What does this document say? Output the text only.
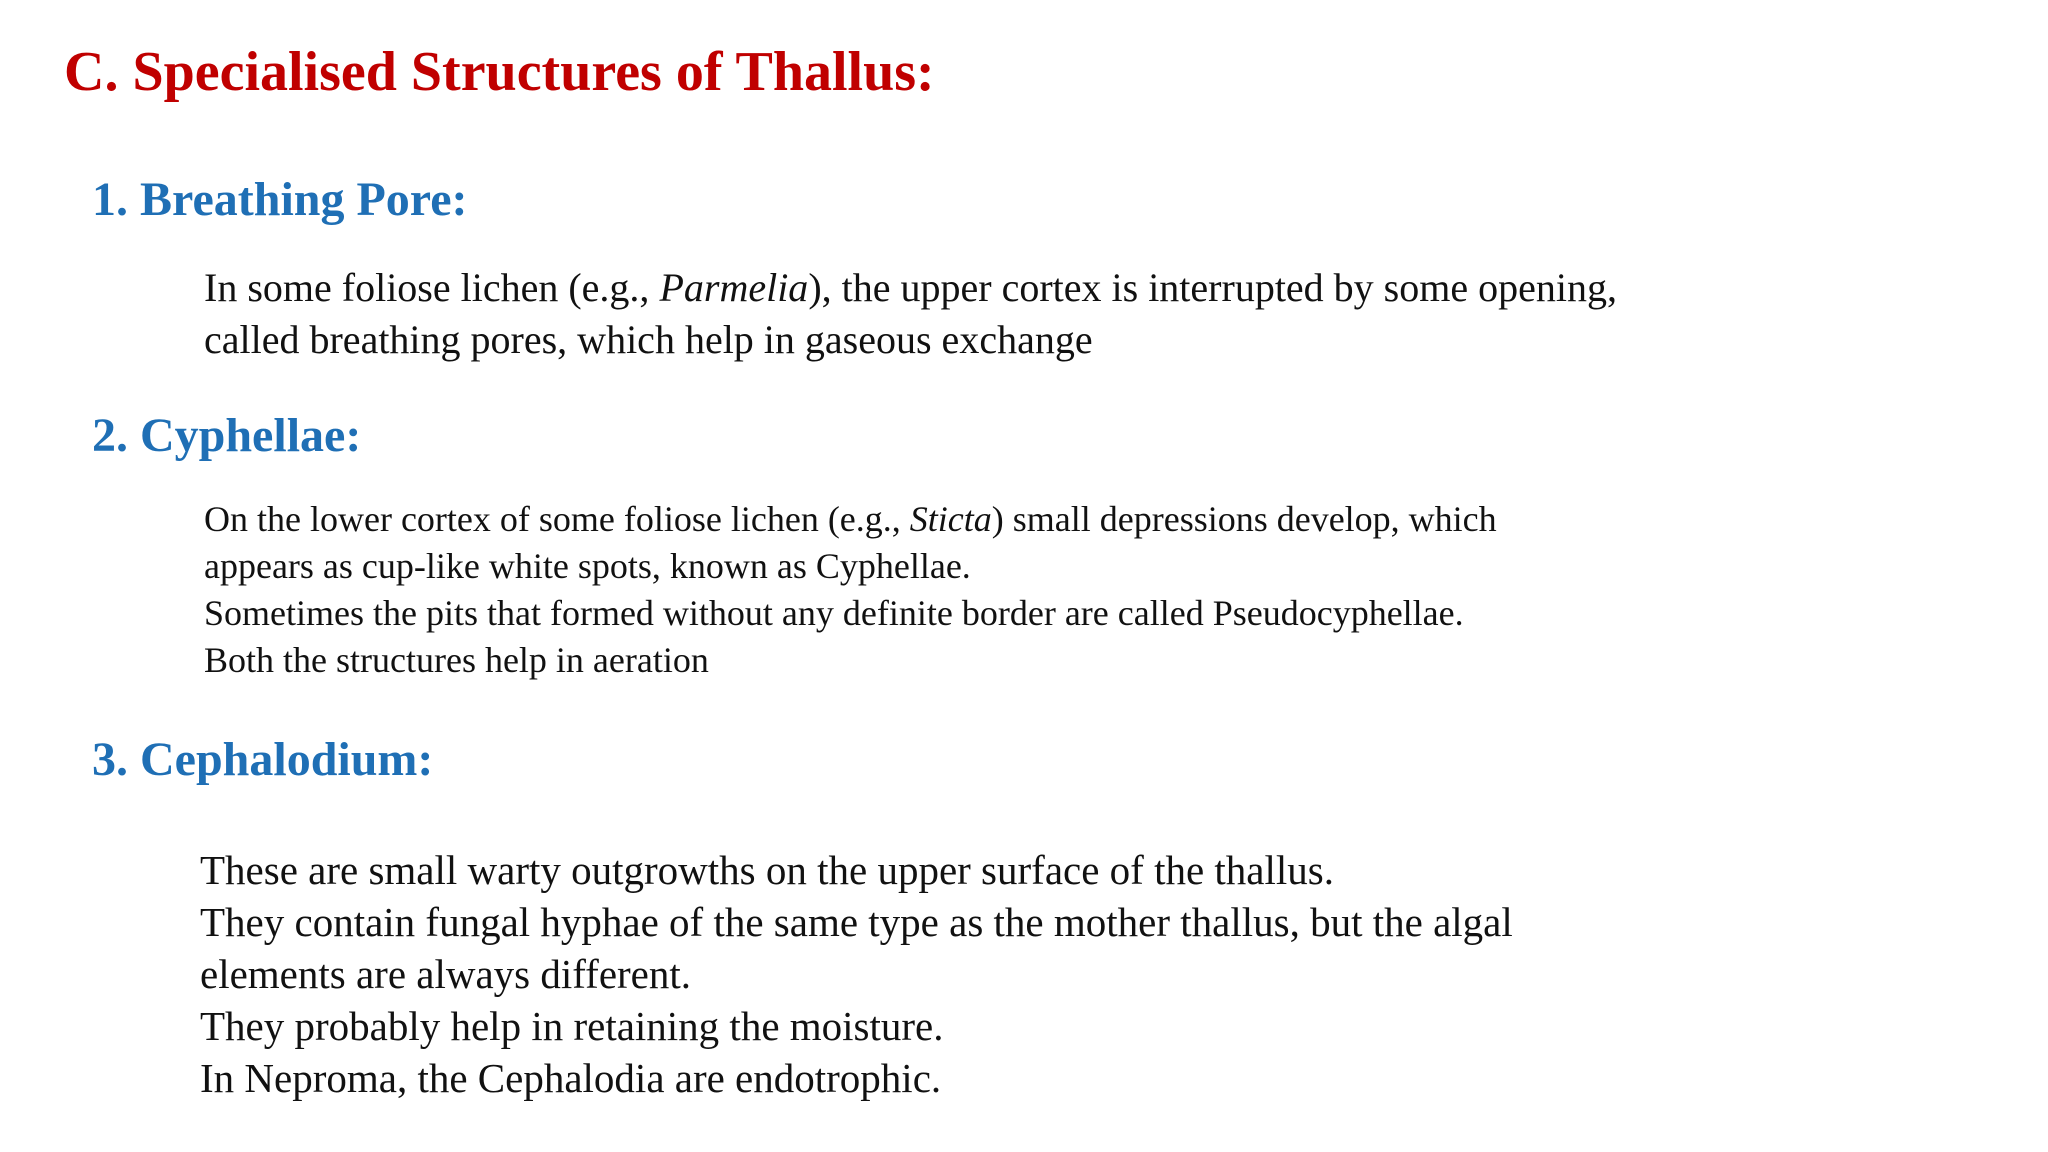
C. Specialised Structures of Thallus:
1. Breathing Pore:

In some foliose lichen (e.g., Parmelia), the upper cortex is interrupted by some opening,
called breathing pores, which help in gaseous exchange

2. Cyphellae:

On the lower cortex of some foliose lichen (e.g., Sticta) small depressions develop, which
appears as cup-like white spots, known as Cyphellae.
Sometimes the pits that formed without any definite border are called Pseudocyphellae.
Both the structures help in aeration

3. Cephalodium:

These are small warty outgrowths on the upper surface of the thallus.
They contain fungal hyphae of the same type as the mother thallus, but the algal
elements are always different.
They probably help in retaining the moisture.
In Neproma, the Cephalodia are endotrophic.
